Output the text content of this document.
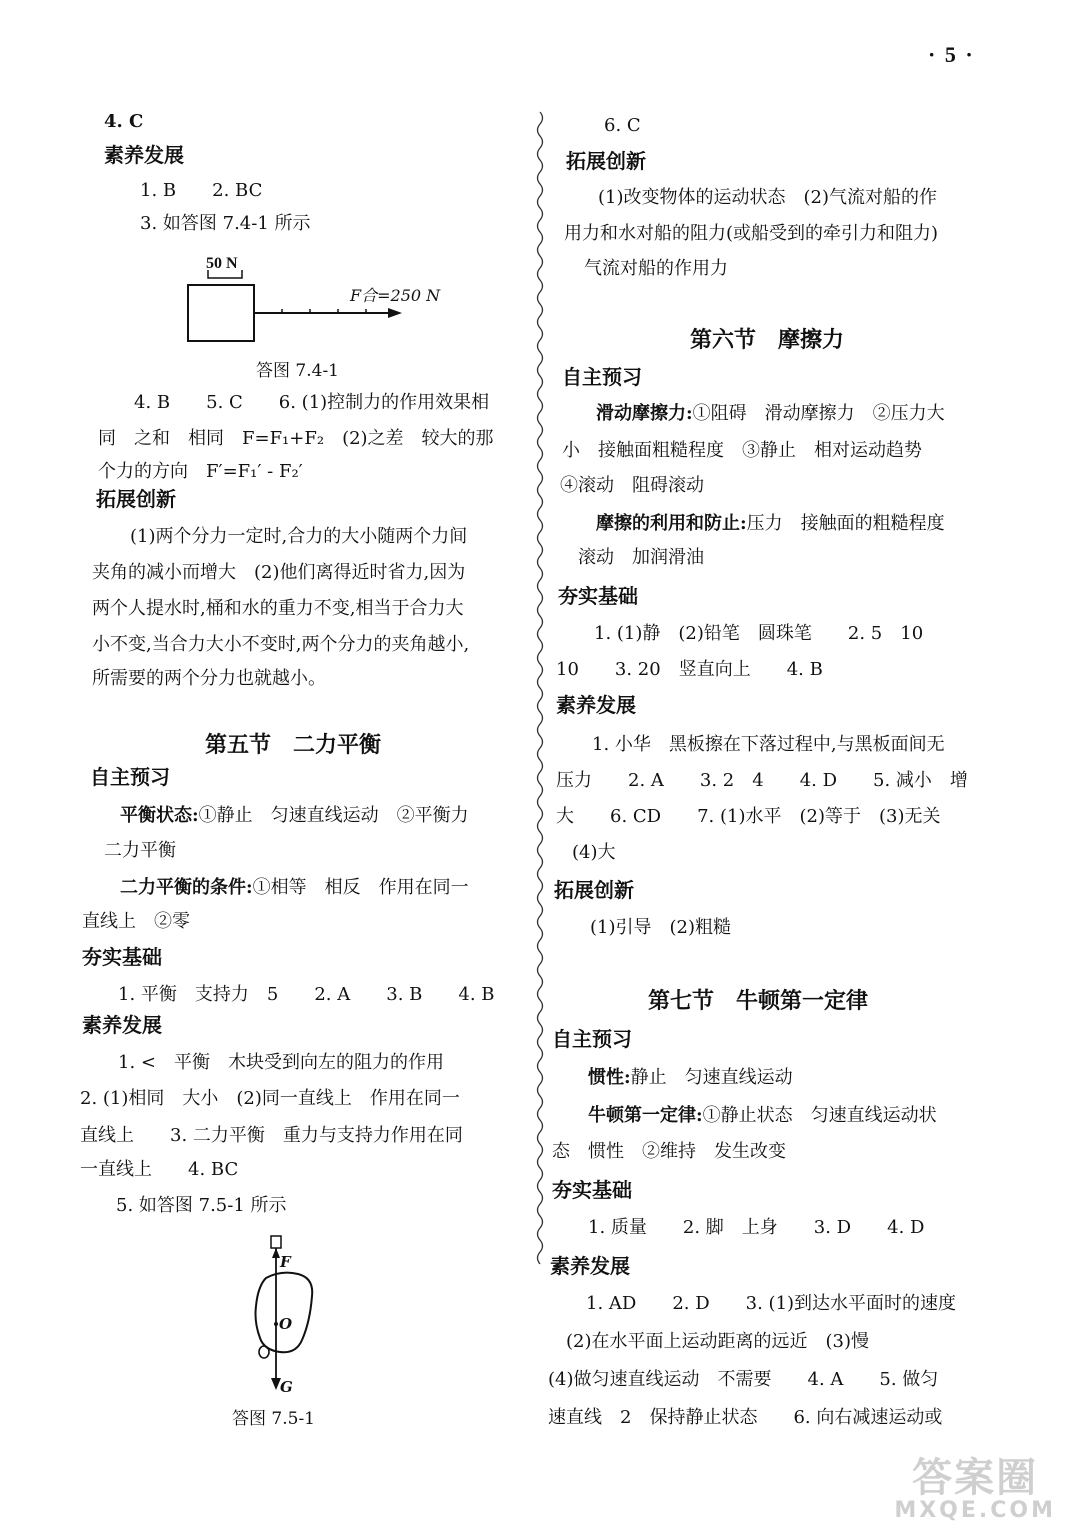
· 5 ·
4. C
素养发展
1. B　　2. BC
3. 如答图 7.4-1 所示
50 N
F合=250 N
答图 7.4-1
4. B　　5. C　　6. (1)控制力的作用效果相
同　之和　相同　F=F₁+F₂　(2)之差　较大的那
个力的方向　F′=F₁′ - F₂′
拓展创新
(1)两个分力一定时,合力的大小随两个力间
夹角的减小而增大　(2)他们离得近时省力,因为
两个人提水时,桶和水的重力不变,相当于合力大
小不变,当合力大小不变时,两个分力的夹角越小,
所需要的两个分力也就越小。
第五节　二力平衡
自主预习
平衡状态:①静止　匀速直线运动　②平衡力
二力平衡
二力平衡的条件:①相等　相反　作用在同一
直线上　②零
夯实基础
1. 平衡　支持力　5　　2. A　　3. B　　4. B
素养发展
1. <　平衡　木块受到向左的阻力的作用
2. (1)相同　大小　(2)同一直线上　作用在同一
直线上　　3. 二力平衡　重力与支持力作用在同
一直线上　　4. BC
5. 如答图 7.5-1 所示
F
O
G
答图 7.5-1
6. C
拓展创新
(1)改变物体的运动状态　(2)气流对船的作
用力和水对船的阻力(或船受到的牵引力和阻力)
气流对船的作用力
第六节　摩擦力
自主预习
滑动摩擦力:①阻碍　滑动摩擦力　②压力大
小　接触面粗糙程度　③静止　相对运动趋势
④滚动　阻碍滚动
摩擦的利用和防止:压力　接触面的粗糙程度
滚动　加润滑油
夯实基础
1. (1)静　(2)铅笔　圆珠笔　　2. 5　10
10　　3. 20　竖直向上　　4. B
素养发展
1. 小华　黑板擦在下落过程中,与黑板面间无
压力　　2. A　　3. 2　4　　4. D　　5. 减小　增
大　　6. CD　　7. (1)水平　(2)等于　(3)无关
(4)大
拓展创新
(1)引导　(2)粗糙
第七节　牛顿第一定律
自主预习
惯性:静止　匀速直线运动
牛顿第一定律:①静止状态　匀速直线运动状
态　惯性　②维持　发生改变
夯实基础
1. 质量　　2. 脚　上身　　3. D　　4. D
素养发展
1. AD　　2. D　　3. (1)到达水平面时的速度
(2)在水平面上运动距离的远近　(3)慢
(4)做匀速直线运动　不需要　　4. A　　5. 做匀
速直线　2　保持静止状态　　6. 向右减速运动或
答案圈
MXQE.COM
